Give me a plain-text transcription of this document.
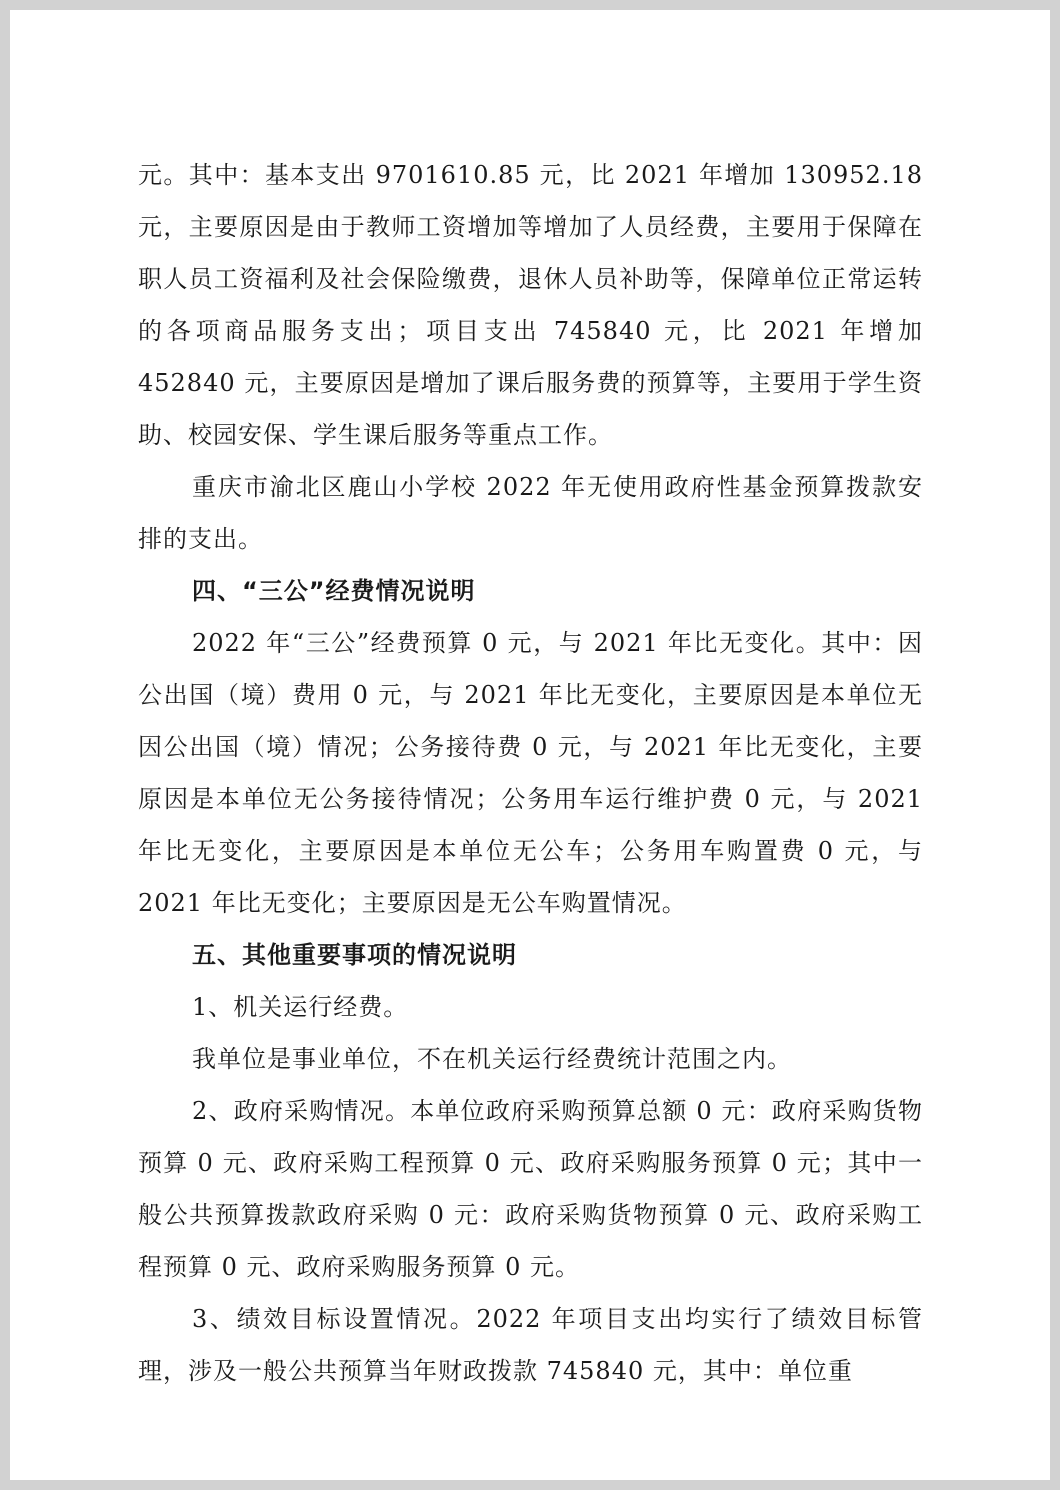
元。其中：基本支出 9701610.85 元，比 2021 年增加 130952.18 元，主要原因是由于教师工资增加等增加了人员经费，主要用于保障在职人员工资福利及社会保险缴费，退休人员补助等，保障单位正常运转的各项商品服务支出；项目支出 745840 元，比 2021 年增加 452840 元，主要原因是增加了课后服务费的预算等，主要用于学生资助、校园安保、学生课后服务等重点工作。

重庆市渝北区鹿山小学校 2022 年无使用政府性基金预算拨款安排的支出。

四、“三公”经费情况说明

2022 年“三公”经费预算 0 元，与 2021 年比无变化。其中：因公出国（境）费用 0 元，与 2021 年比无变化，主要原因是本单位无因公出国（境）情况；公务接待费 0 元，与 2021 年比无变化，主要原因是本单位无公务接待情况；公务用车运行维护费 0 元，与 2021 年比无变化，主要原因是本单位无公车；公务用车购置费 0 元，与 2021 年比无变化；主要原因是无公车购置情况。

五、其他重要事项的情况说明

1、机关运行经费。

我单位是事业单位，不在机关运行经费统计范围之内。

2、政府采购情况。本单位政府采购预算总额 0 元：政府采购货物预算 0 元、政府采购工程预算 0 元、政府采购服务预算 0 元；其中一般公共预算拨款政府采购 0 元：政府采购货物预算 0 元、政府采购工程预算 0 元、政府采购服务预算 0 元。

3、绩效目标设置情况。2022 年项目支出均实行了绩效目标管理，涉及一般公共预算当年财政拨款 745840 元，其中：单位重
